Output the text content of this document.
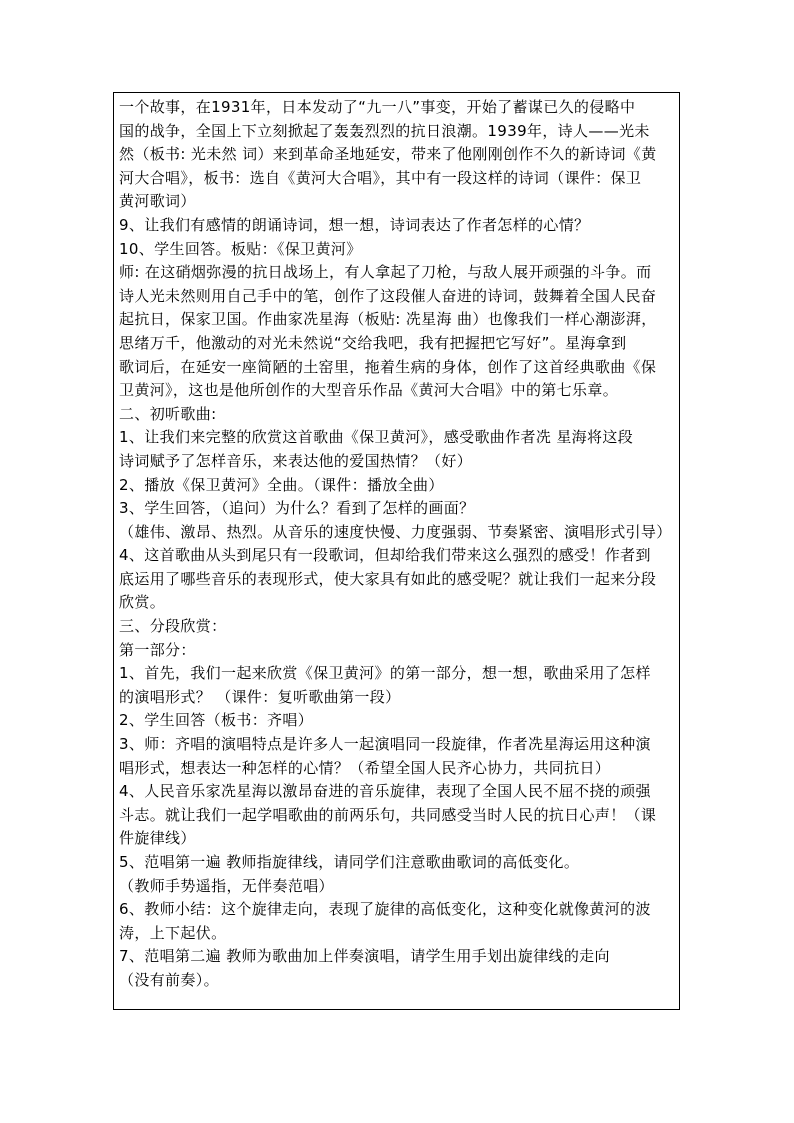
一个故事，在1931年，日本发动了“九一八”事变，开始了蓄谋已久的侵略中
国的战争，全国上下立刻掀起了轰轰烈烈的抗日浪潮。1939年，诗人——光未
然（板书: 光未然 词）来到革命圣地延安，带来了他刚刚创作不久的新诗词《黄
河大合唱》，板书：选自《黄河大合唱》，其中有一段这样的诗词（课件：保卫
黄河歌词）
9、让我们有感情的朗诵诗词，想一想，诗词表达了作者怎样的心情？
10、学生回答。板贴：《保卫黄河》
师: 在这硝烟弥漫的抗日战场上，有人拿起了刀枪，与敌人展开顽强的斗争。而
诗人光未然则用自己手中的笔，创作了这段催人奋进的诗词，鼓舞着全国人民奋
起抗日，保家卫国。作曲家冼星海（板贴: 冼星海 曲）也像我们一样心潮澎湃，
思绪万千，他激动的对光未然说“交给我吧，我有把握把它写好”。星海拿到
歌词后，在延安一座简陋的土窑里，拖着生病的身体，创作了这首经典歌曲《保
卫黄河》，这也是他所创作的大型音乐作品《黄河大合唱》中的第七乐章。
二、初听歌曲:
1、让我们来完整的欣赏这首歌曲《保卫黄河》，感受歌曲作者冼 星海将这段
诗词赋予了怎样音乐，来表达他的爱国热情？（好）
2、播放《保卫黄河》全曲。（课件：播放全曲）
3、学生回答，（追问）为什么？看到了怎样的画面？
（雄伟、激昂、热烈。从音乐的速度快慢、力度强弱、节奏紧密、演唱形式引导）
4、这首歌曲从头到尾只有一段歌词，但却给我们带来这么强烈的感受！作者到
底运用了哪些音乐的表现形式，使大家具有如此的感受呢？就让我们一起来分段
欣赏。
三、分段欣赏：
第一部分：
1、首先，我们一起来欣赏《保卫黄河》的第一部分，想一想，歌曲采用了怎样
的演唱形式？ （课件：复听歌曲第一段）
2、学生回答（板书：齐唱）
3、师：齐唱的演唱特点是许多人一起演唱同一段旋律，作者冼星海运用这种演
唱形式，想表达一种怎样的心情？（希望全国人民齐心协力，共同抗日）
4、人民音乐家冼星海以激昂奋进的音乐旋律，表现了全国人民不屈不挠的顽强
斗志。就让我们一起学唱歌曲的前两乐句，共同感受当时人民的抗日心声！（课
件旋律线）
5、范唱第一遍 教师指旋律线，请同学们注意歌曲歌词的高低变化。
（教师手势遥指，无伴奏范唱）
6、教师小结：这个旋律走向，表现了旋律的高低变化，这种变化就像黄河的波
涛，上下起伏。
7、范唱第二遍 教师为歌曲加上伴奏演唱，请学生用手划出旋律线的走向
（没有前奏）。
